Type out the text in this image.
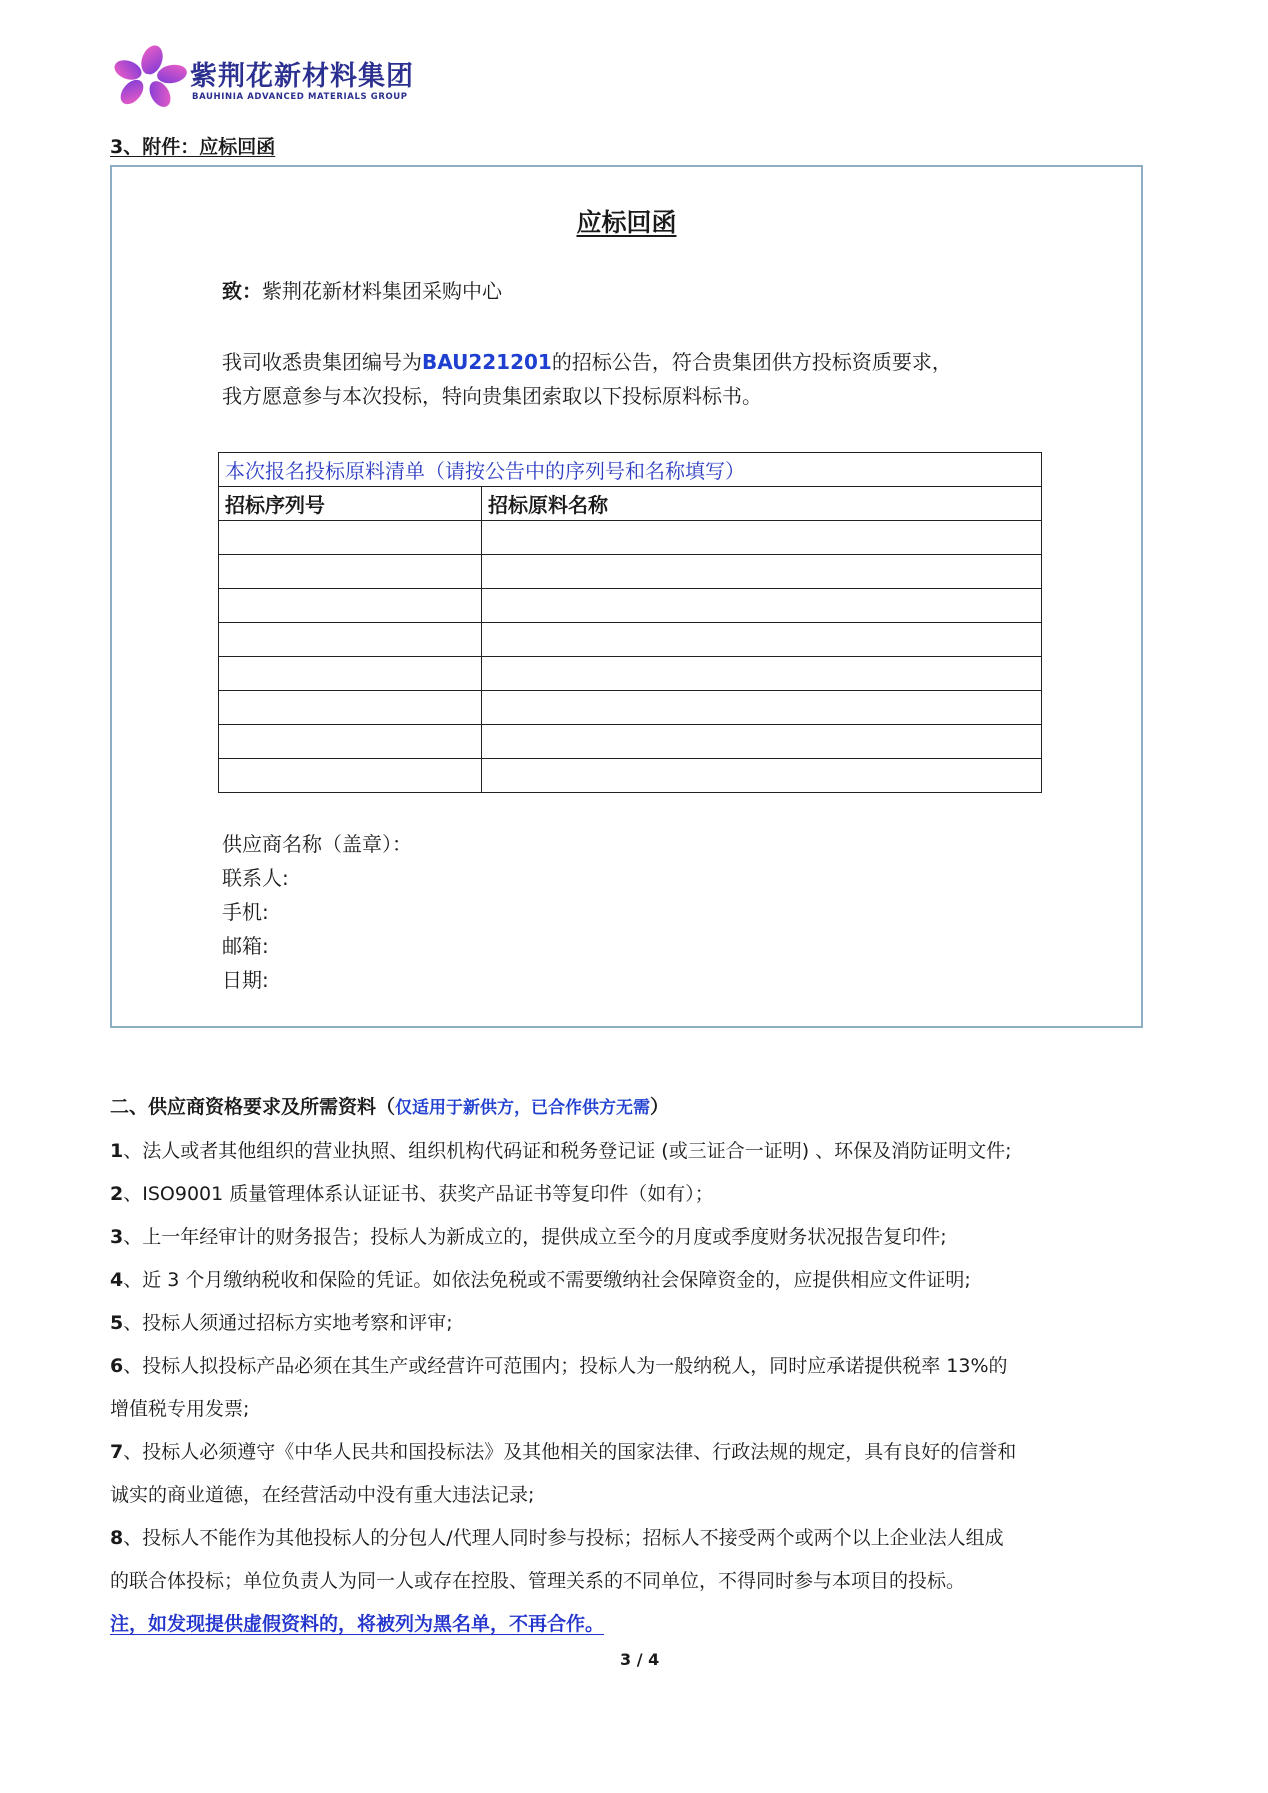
紫荆花新材料集团
BAUHINIA ADVANCED MATERIALS GROUP
3、附件：应标回函
应标回函
致：紫荆花新材料集团采购中心
我司收悉贵集团编号为BAU221201的招标公告，符合贵集团供方投标资质要求，
我方愿意参与本次投标，特向贵集团索取以下投标原料标书。
本次报名投标原料清单（请按公告中的序列号和名称填写）	
招标序列号	招标原料名称

供应商名称（盖章）：
联系人:
手机:
邮箱:
日期:
二、供应商资格要求及所需资料（仅适用于新供方，已合作供方无需）
1、法人或者其他组织的营业执照、组织机构代码证和税务登记证 (或三证合一证明) 、环保及消防证明文件;
2、ISO9001 质量管理体系认证证书、获奖产品证书等复印件（如有）；
3、上一年经审计的财务报告；投标人为新成立的，提供成立至今的月度或季度财务状况报告复印件;
4、近 3 个月缴纳税收和保险的凭证。如依法免税或不需要缴纳社会保障资金的，应提供相应文件证明;
5、投标人须通过招标方实地考察和评审;
6、投标人拟投标产品必须在其生产或经营许可范围内；投标人为一般纳税人，同时应承诺提供税率 13%的
增值税专用发票;
7、投标人必须遵守《中华人民共和国投标法》及其他相关的国家法律、行政法规的规定，具有良好的信誉和
诚实的商业道德，在经营活动中没有重大违法记录;
8、投标人不能作为其他投标人的分包人/代理人同时参与投标；招标人不接受两个或两个以上企业法人组成
的联合体投标；单位负责人为同一人或存在控股、管理关系的不同单位，不得同时参与本项目的投标。
注，如发现提供虚假资料的，将被列为黑名单，不再合作。
3 / 4
